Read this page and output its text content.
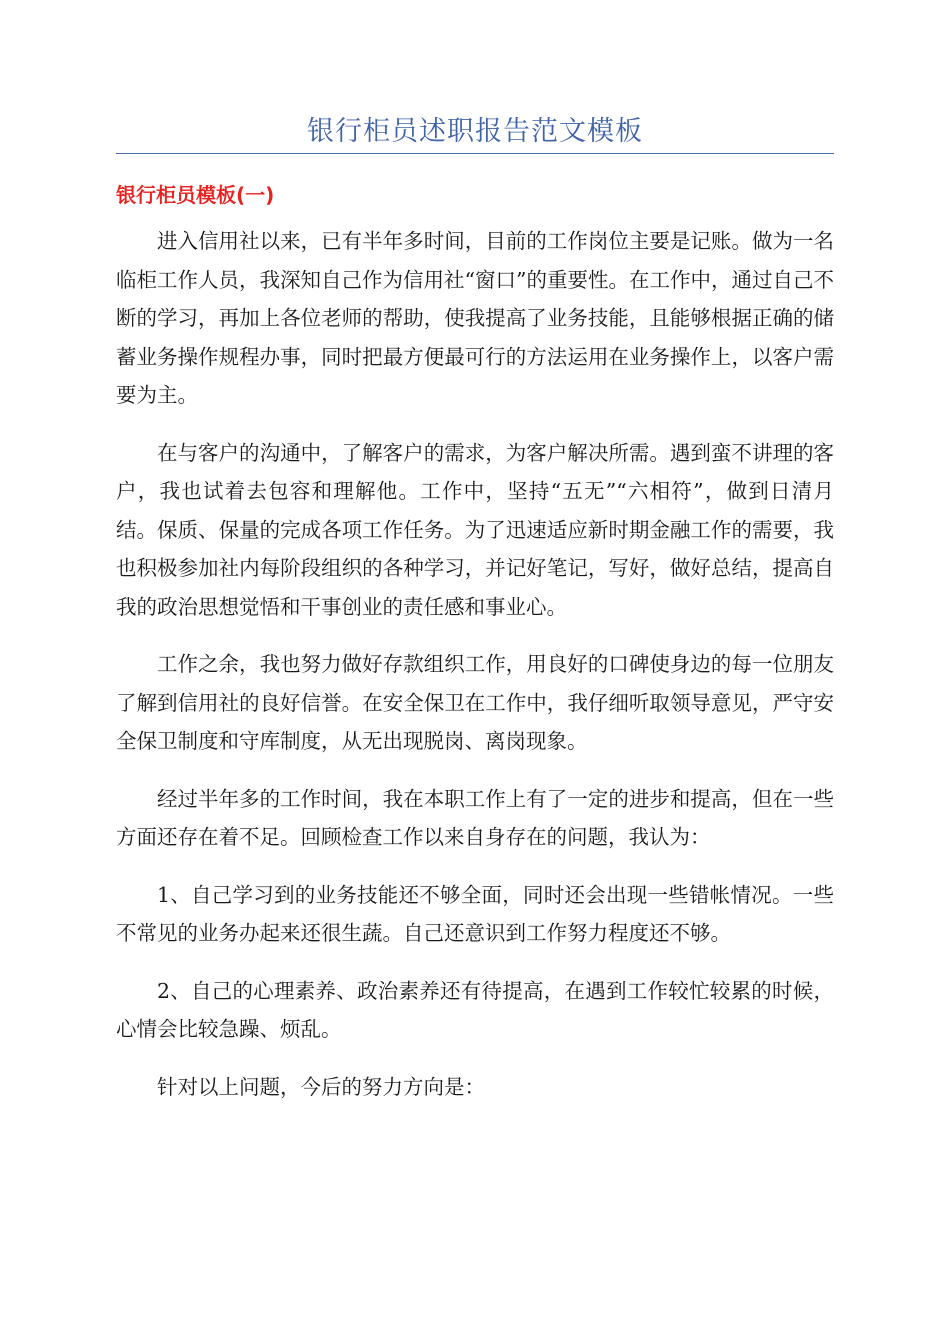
银行柜员述职报告范文模板
银行柜员模板(一)

进入信用社以来，已有半年多时间，目前的工作岗位主要是记账。做为一名临柜工作人员，我深知自己作为信用社“窗口”的重要性。在工作中，通过自己不断的学习，再加上各位老师的帮助，使我提高了业务技能，且能够根据正确的储蓄业务操作规程办事，同时把最方便最可行的方法运用在业务操作上，以客户需要为主。

在与客户的沟通中，了解客户的需求，为客户解决所需。遇到蛮不讲理的客户，我也试着去包容和理解他。工作中，坚持“五无”“六相符”，做到日清月结。保质、保量的完成各项工作任务。为了迅速适应新时期金融工作的需要，我也积极参加社内每阶段组织的各种学习，并记好笔记，写好，做好总结，提高自我的政治思想觉悟和干事创业的责任感和事业心。

工作之余，我也努力做好存款组织工作，用良好的口碑使身边的每一位朋友了解到信用社的良好信誉。在安全保卫在工作中，我仔细听取领导意见，严守安全保卫制度和守库制度，从无出现脱岗、离岗现象。

经过半年多的工作时间，我在本职工作上有了一定的进步和提高，但在一些方面还存在着不足。回顾检查工作以来自身存在的问题，我认为：

1、自己学习到的业务技能还不够全面，同时还会出现一些错帐情况。一些不常见的业务办起来还很生蔬。自己还意识到工作努力程度还不够。

2、自己的心理素养、政治素养还有待提高，在遇到工作较忙较累的时候，心情会比较急躁、烦乱。

针对以上问题，今后的努力方向是：
